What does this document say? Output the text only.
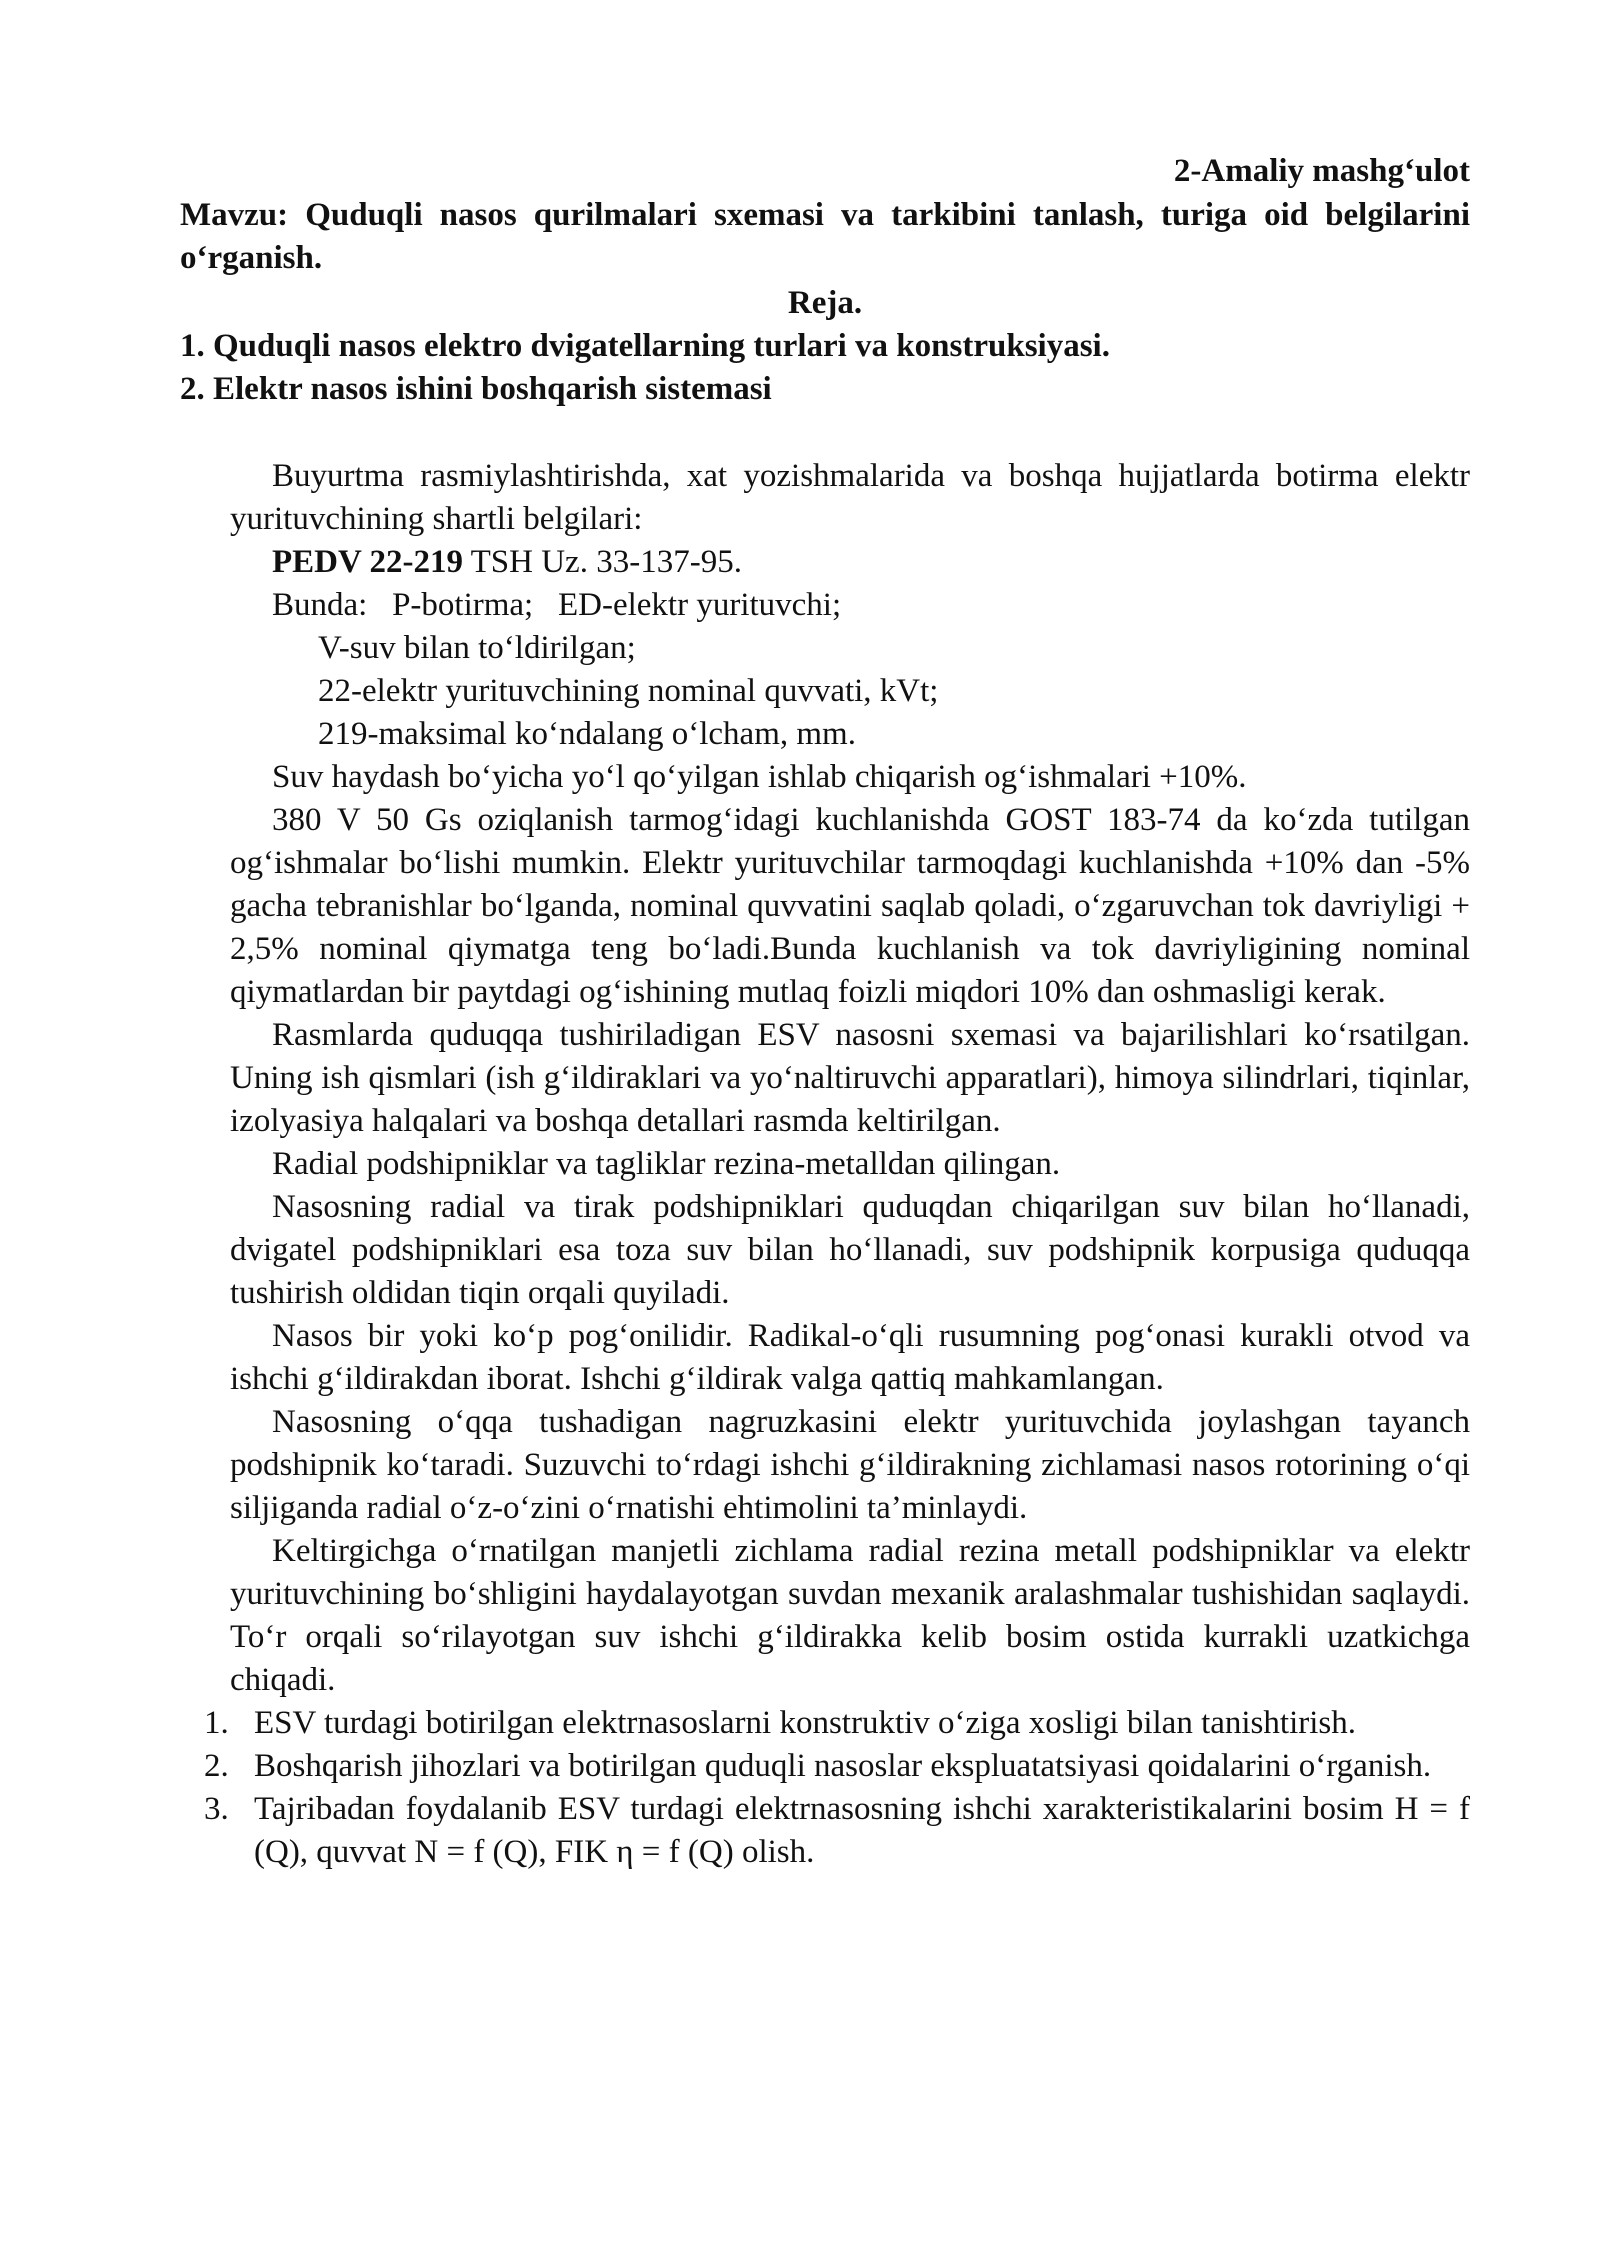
2-Amaliy mashg‘ulot
Mavzu: Quduqli nasos qurilmalari sxemasi va tarkibini tanlash, turiga oid belgilarini o‘rganish.
Reja.
1. Quduqli nasos elektro dvigatellarning turlari va konstruksiyasi.
2. Elektr nasos ishini boshqarish sistemasi

Buyurtma rasmiylashtirishda, xat yozishmalarida va boshqa hujjatlarda botirma elektr yurituvchining shartli belgilari:

PEDV 22-219 TSH Uz. 33-137-95.

Bunda:   P-botirma;   ED-elektr yurituvchi;

V-suv bilan to‘ldirilgan;

22-elektr yurituvchining nominal quvvati, kVt;

219-maksimal ko‘ndalang o‘lcham, mm.

Suv haydash bo‘yicha yo‘l qo‘yilgan ishlab chiqarish og‘ishmalari +10%.

380 V 50 Gs oziqlanish tarmog‘idagi kuchlanishda GOST 183-74 da ko‘zda tutilgan og‘ishmalar bo‘lishi mumkin. Elektr yurituvchilar tarmoqdagi kuchlanishda +10% dan -5% gacha tebranishlar bo‘lganda, nominal quvvatini saqlab qoladi, o‘zgaruvchan tok davriyligi + 2,5% nominal qiymatga teng bo‘ladi.Bunda kuchlanish va tok davriyligining nominal qiymatlardan bir paytdagi og‘ishining mutlaq foizli miqdori 10% dan oshmasligi kerak.

Rasmlarda quduqqa tushiriladigan ESV nasosni sxemasi va bajarilishlari ko‘rsatilgan. Uning ish qismlari (ish g‘ildiraklari va yo‘naltiruvchi apparatlari), himoya silindrlari, tiqinlar, izolyasiya halqalari va boshqa detallari rasmda keltirilgan.

Radial podshipniklar va tagliklar rezina-metalldan qilingan.

Nasosning radial va tirak podshipniklari quduqdan chiqarilgan suv bilan ho‘llanadi, dvigatel podshipniklari esa toza suv bilan ho‘llanadi, suv podshipnik korpusiga quduqqa tushirish oldidan tiqin orqali quyiladi.

Nasos bir yoki ko‘p pog‘onilidir. Radikal-o‘qli rusumning pog‘onasi kurakli otvod va ishchi g‘ildirakdan iborat. Ishchi g‘ildirak valga qattiq mahkamlangan.

Nasosning o‘qqa tushadigan nagruzkasini elektr yurituvchida joylashgan tayanch podshipnik ko‘taradi. Suzuvchi to‘rdagi ishchi g‘ildirakning zichlamasi nasos rotorining o‘qi siljiganda radial o‘z-o‘zini o‘rnatishi ehtimolini ta’minlaydi.

Keltirgichga o‘rnatilgan manjetli zichlama radial rezina metall podshipniklar va elektr yurituvchining bo‘shligini haydalayotgan suvdan mexanik aralashmalar tushishidan saqlaydi. To‘r orqali so‘rilayotgan suv ishchi g‘ildirakka kelib bosim ostida kurrakli uzatkichga chiqadi.

1. ESV turdagi botirilgan elektrnasoslarni konstruktiv o‘ziga xosligi bilan tanishtirish.
2. Boshqarish jihozlari va botirilgan quduqli nasoslar ekspluatatsiyasi qoidalarini o‘rganish.
3. Tajribadan foydalanib ESV turdagi elektrnasosning ishchi xarakteristikalarini bosim H = f (Q), quvvat N = f (Q), FIK η = f (Q) olish.
